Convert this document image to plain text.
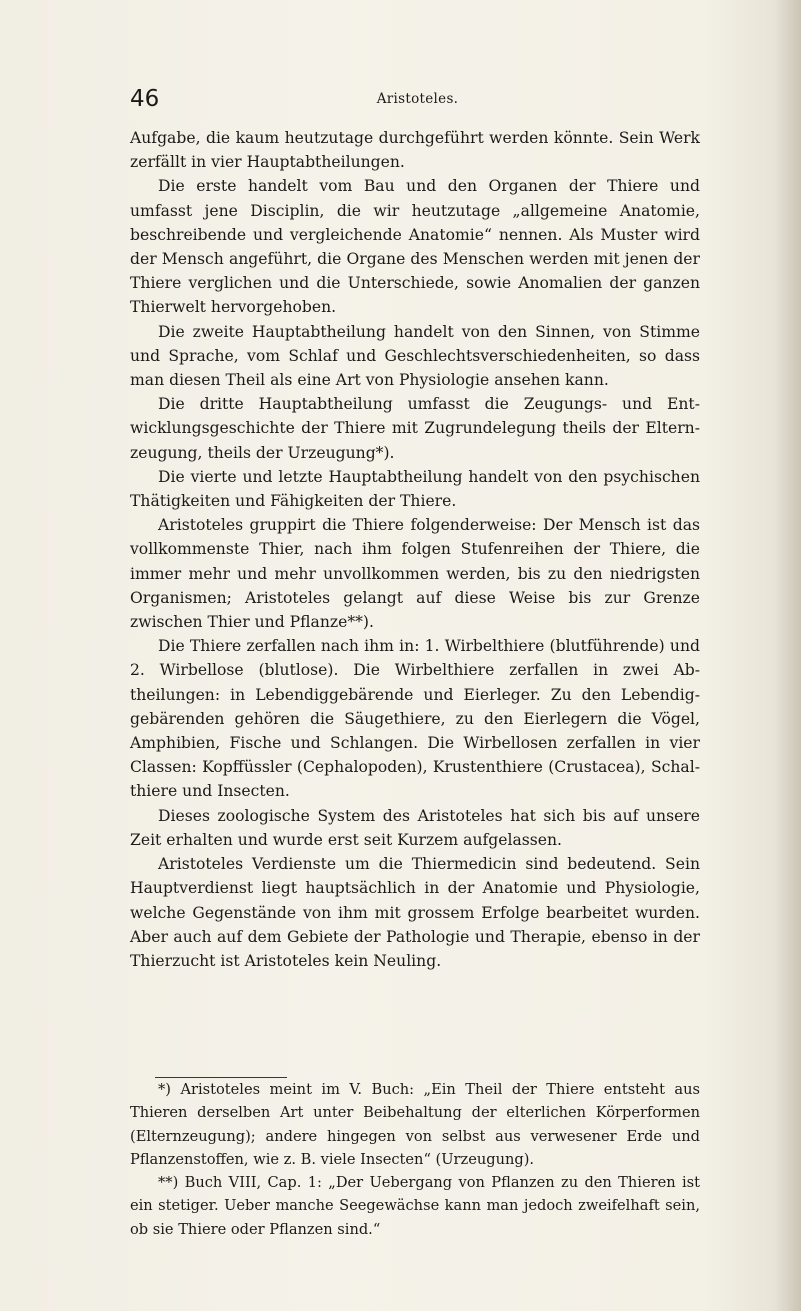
46	Aristoteles.

Aufgabe, die kaum heutzutage durchgeführt werden könnte. Sein Werk zerfällt in vier Hauptabtheilungen.

Die erste handelt vom Bau und den Organen der Thiere und umfasst jene Disciplin, die wir heutzutage „allgemeine Anatomie, beschreibende und vergleichende Anatomie“ nennen. Als Muster wird der Mensch angeführt, die Organe des Menschen werden mit jenen der Thiere verglichen und die Unterschiede, sowie Anomalien der ganzen Thierwelt hervorgehoben.

Die zweite Hauptabtheilung handelt von den Sinnen, von Stimme und Sprache, vom Schlaf und Geschlechtsverschiedenheiten, so dass man diesen Theil als eine Art von Physiologie ansehen kann.

Die dritte Hauptabtheilung umfasst die Zeugungs- und Entwicklungsgeschichte der Thiere mit Zugrundelegung theils der Elternzeugung, theils der Urzeugung*).

Die vierte und letzte Hauptabtheilung handelt von den psychischen Thätigkeiten und Fähigkeiten der Thiere.

Aristoteles gruppirt die Thiere folgenderweise: Der Mensch ist das vollkommenste Thier, nach ihm folgen Stufenreihen der Thiere, die immer mehr und mehr unvollkommen werden, bis zu den niedrigsten Organismen; Aristoteles gelangt auf diese Weise bis zur Grenze zwischen Thier und Pflanze**).

Die Thiere zerfallen nach ihm in: 1. Wirbelthiere (blutführende) und 2. Wirbellose (blutlose). Die Wirbelthiere zerfallen in zwei Abtheilungen: in Lebendiggebärende und Eierleger. Zu den Lebendiggebärenden gehören die Säugethiere, zu den Eierlegern die Vögel, Amphibien, Fische und Schlangen. Die Wirbellosen zerfallen in vier Classen: Kopffüssler (Cephalopoden), Krustenthiere (Crustacea), Schalthiere und Insecten.

Dieses zoologische System des Aristoteles hat sich bis auf unsere Zeit erhalten und wurde erst seit Kurzem aufgelassen.

Aristoteles Verdienste um die Thiermedicin sind bedeutend. Sein Hauptverdienst liegt hauptsächlich in der Anatomie und Physiologie, welche Gegenstände von ihm mit grossem Erfolge bearbeitet wurden. Aber auch auf dem Gebiete der Pathologie und Therapie, ebenso in der Thierzucht ist Aristoteles kein Neuling.

*) Aristoteles meint im V. Buch: „Ein Theil der Thiere entsteht aus Thieren derselben Art unter Beibehaltung der elterlichen Körperformen (Elternzeugung); andere hingegen von selbst aus verwesener Erde und Pflanzenstoffen, wie z. B. viele Insecten“ (Urzeugung).

**) Buch VIII, Cap. 1: „Der Uebergang von Pflanzen zu den Thieren ist ein stetiger. Ueber manche Seegewächse kann man jedoch zweifelhaft sein, ob sie Thiere oder Pflanzen sind.“
